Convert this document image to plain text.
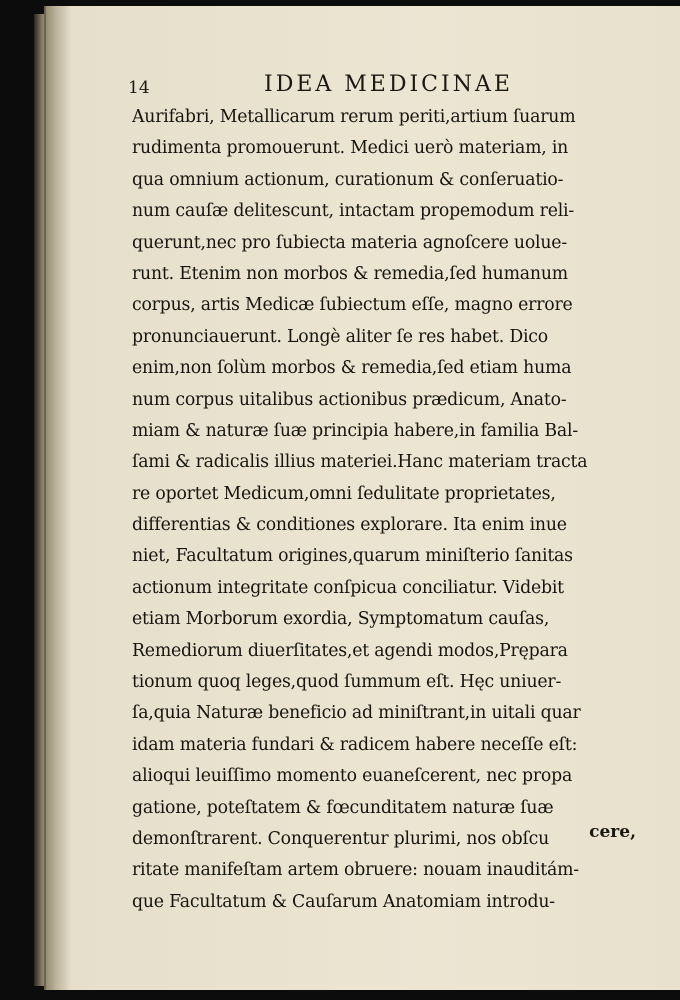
14	IDEA MEDICINAE
Aurifabri, Metallicarum rerum periti,artium ſuarum
rudimenta promouerunt. Medici uerò materiam, in
qua omnium actionum, curationum & conſeruatio-
num cauſæ delitescunt, intactam propemodum reli-
querunt,nec pro ſubiecta materia agnoſcere uolue-
runt. Etenim non morbos & remedia,ſed humanum
corpus, artis Medicæ ſubiectum eſſe, magno errore
pronunciauerunt. Longè aliter ſe res habet. Dico
enim,non ſolùm morbos & remedia,ſed etiam huma
num corpus uitalibus actionibus prædicum, Anato-
miam & naturæ ſuæ principia habere,in familia Bal-
ſami & radicalis illius materiei.Hanc materiam tracta
re oportet Medicum,omni ſedulitate proprietates,
differentias & conditiones explorare. Ita enim inue
niet, Facultatum origines,quarum miniſterio ſanitas
actionum integritate conſpicua conciliatur. Videbit
etiam Morborum exordia, Symptomatum cauſas,
Remediorum diuerſitates,et agendi modos,Prępara
tionum quoq leges,quod ſummum eſt. Hęc uniuer-
ſa,quia Naturæ beneficio ad miniſtrant,in uitali quar
idam materia fundari & radicem habere neceſſe eſt:
alioqui leuiſſimo momento euaneſcerent, nec propa
gatione, poteſtatem & fœcunditatem naturæ ſuæ
demonſtrarent. Conquerentur plurimi, nos obſcu
ritate manifeſtam artem obruere: nouam inauditám-
que Facultatum & Cauſarum Anatomiam introdu-
cere,
